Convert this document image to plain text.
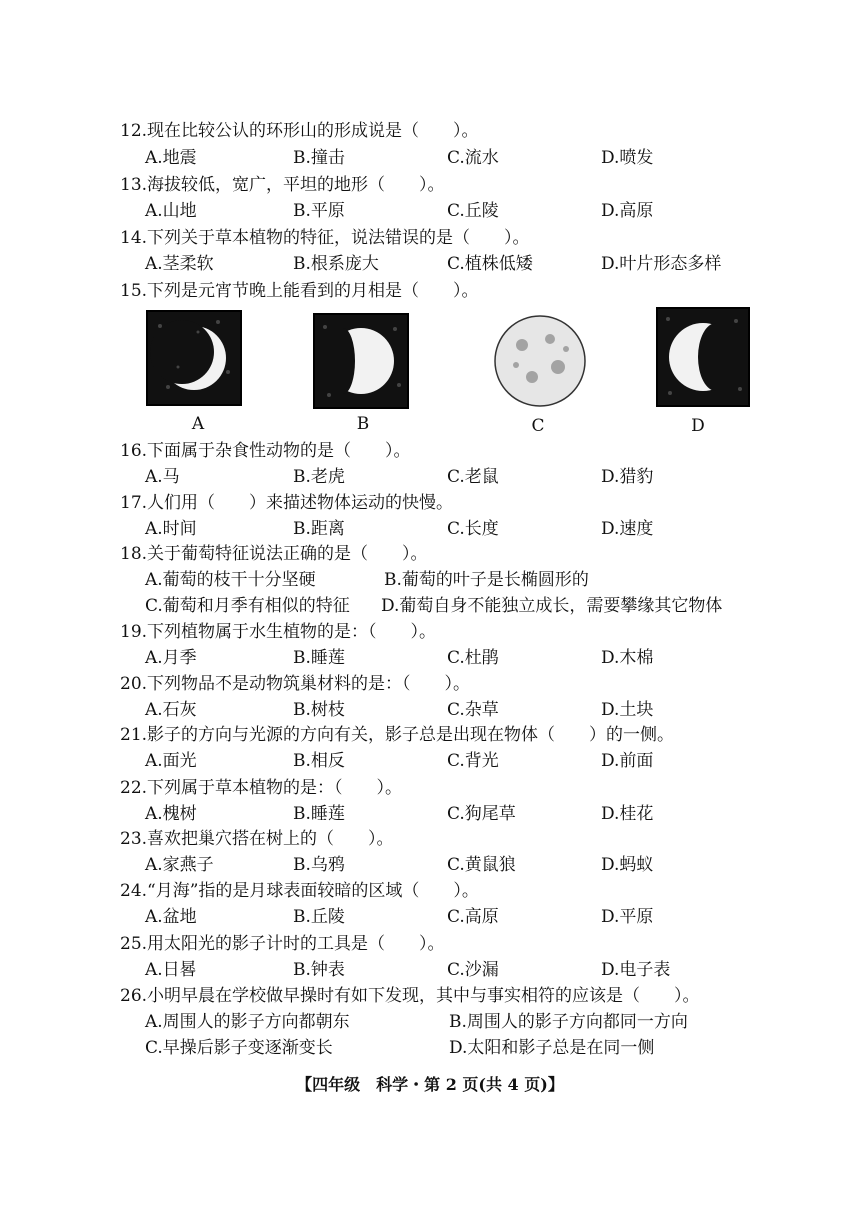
12.现在比较公认的环形山的形成说是（　　）。
A.地震	B.撞击	C.流水	D.喷发
13.海拔较低，宽广，平坦的地形（　　）。
A.山地	B.平原	C.丘陵	D.高原
14.下列关于草本植物的特征，说法错误的是（　　）。
A.茎柔软	B.根系庞大	C.植株低矮	D.叶片形态多样
15.下列是元宵节晚上能看到的月相是（　　）。
A	B	C	D
16.下面属于杂食性动物的是（　　）。
A.马	B.老虎	C.老鼠	D.猎豹
17.人们用（　　）来描述物体运动的快慢。
A.时间	B.距离	C.长度	D.速度
18.关于葡萄特征说法正确的是（　　）。
A.葡萄的枝干十分坚硬	B.葡萄的叶子是长椭圆形的
C.葡萄和月季有相似的特征 D.葡萄自身不能独立成长，需要攀缘其它物体
19.下列植物属于水生植物的是：（　　）。
A.月季	B.睡莲	C.杜鹃	D.木棉
20.下列物品不是动物筑巢材料的是：（　　）。
A.石灰	B.树枝	C.杂草	D.土块
21.影子的方向与光源的方向有关，影子总是出现在物体（　　）的一侧。
A.面光	B.相反	C.背光	D.前面
22.下列属于草本植物的是：（　　）。
A.槐树	B.睡莲	C.狗尾草	D.桂花
23.喜欢把巢穴搭在树上的（　　）。
A.家燕子	B.乌鸦	C.黄鼠狼	D.蚂蚁
24.“月海”指的是月球表面较暗的区域（　　）。
A.盆地	B.丘陵	C.高原	D.平原
25.用太阳光的影子计时的工具是（　　）。
A.日晷	B.钟表	C.沙漏	D.电子表
26.小明早晨在学校做早操时有如下发现，其中与事实相符的应该是（　　）。
A.周围人的影子方向都朝东	B.周围人的影子方向都同一方向
C.早操后影子变逐渐变长	D.太阳和影子总是在同一侧
【四年级　科学・第 2 页(共 4 页)】
